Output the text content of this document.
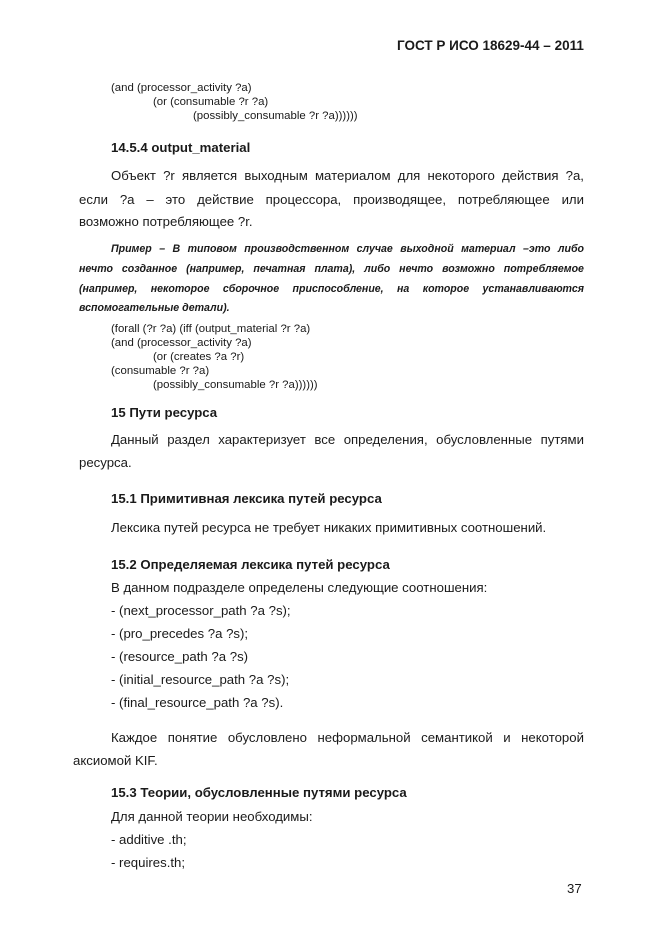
ГОСТ Р ИСО 18629-44 – 2011
(and (processor_activity ?a)
(or (consumable ?r ?a)
(possibly_consumable ?r ?a))))))
14.5.4 output_material
Объект ?r является выходным материалом для некоторого действия ?а,
если ?а – это действие процессора, производящее, потребляющее или
возможно потребляющее ?r.
Пример – В типовом производственном случае выходной материал –это либо
нечто созданное (например, печатная плата), либо нечто возможно потребляемое
(например, некоторое сборочное приспособление, на которое устанавливаются
вспомогательные детали).
(forall (?r ?a) (iff (output_material ?r ?a)
(and (processor_activity ?a)
(or (creates ?a ?r)
(consumable ?r ?a)
(possibly_consumable ?r ?a))))))
15 Пути ресурса
Данный раздел характеризует все определения, обусловленные путями
ресурса.
15.1 Примитивная лексика путей ресурса
Лексика путей ресурса не требует никаких примитивных соотношений.
15.2 Определяемая лексика путей ресурса
В данном подразделе определены следующие соотношения:
- (next_processor_path ?a ?s);
- (pro_precedes ?a ?s);
- (resource_path ?a ?s)
- (initial_resource_path ?a ?s);
- (final_resource_path ?a ?s).
Каждое понятие обусловлено неформальной семантикой и некоторой
аксиомой KIF.
15.3 Теории, обусловленные путями ресурса
Для данной теории необходимы:
- additive .th;
- requires.th;
37
